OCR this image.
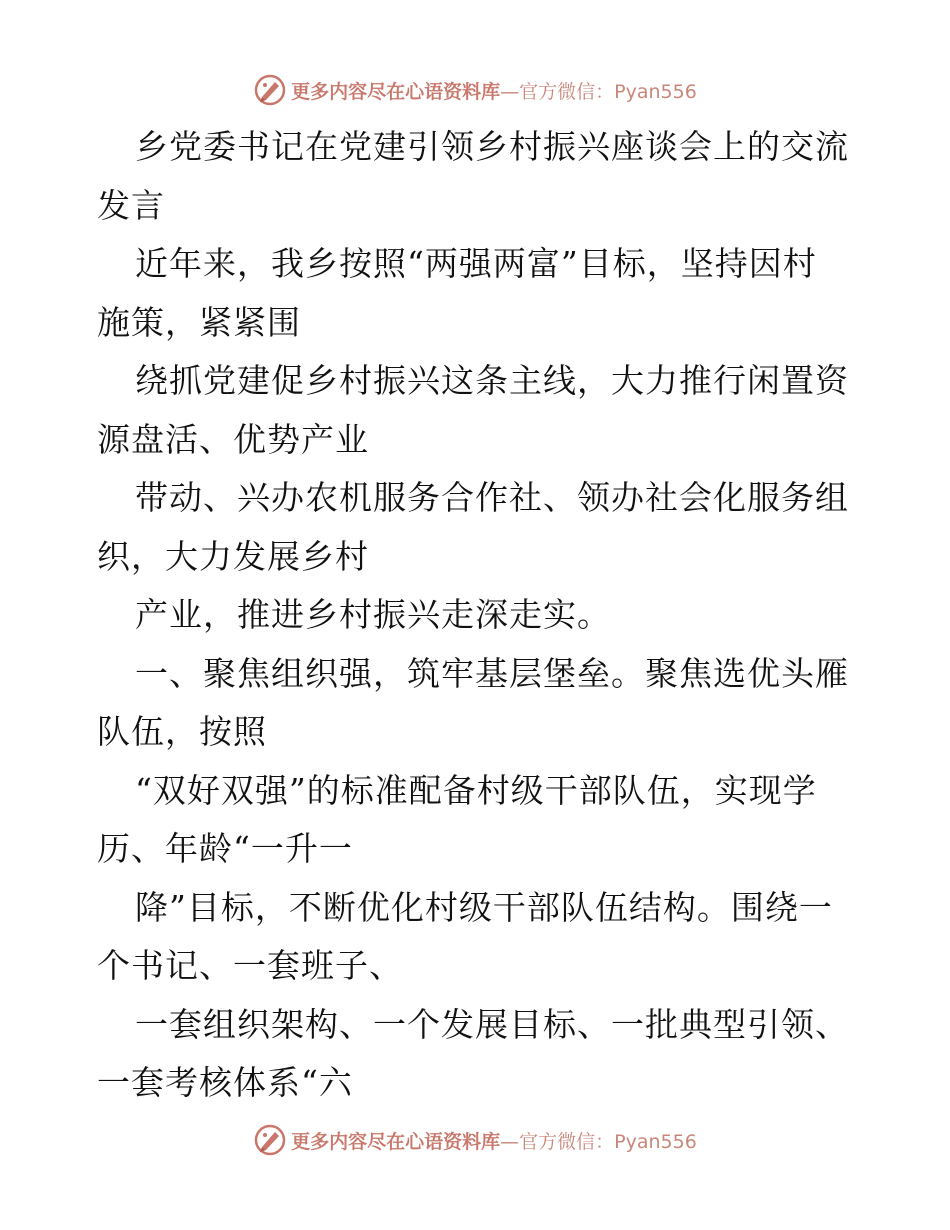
更多内容尽在心语资料库—官方微信：Pyan556
乡党委书记在党建引领乡村振兴座谈会上的交流
发言
近年来，我乡按照“两强两富”目标，坚持因村
施策，紧紧围
绕抓党建促乡村振兴这条主线，大力推行闲置资
源盘活、优势产业
带动、兴办农机服务合作社、领办社会化服务组
织，大力发展乡村
产业，推进乡村振兴走深走实。
一、聚焦组织强，筑牢基层堡垒。聚焦选优头雁
队伍，按照
“双好双强”的标准配备村级干部队伍，实现学
历、年龄“一升一
降”目标，不断优化村级干部队伍结构。围绕一
个书记、一套班子、
一套组织架构、一个发展目标、一批典型引领、
一套考核体系“六
更多内容尽在心语资料库—官方微信：Pyan556
